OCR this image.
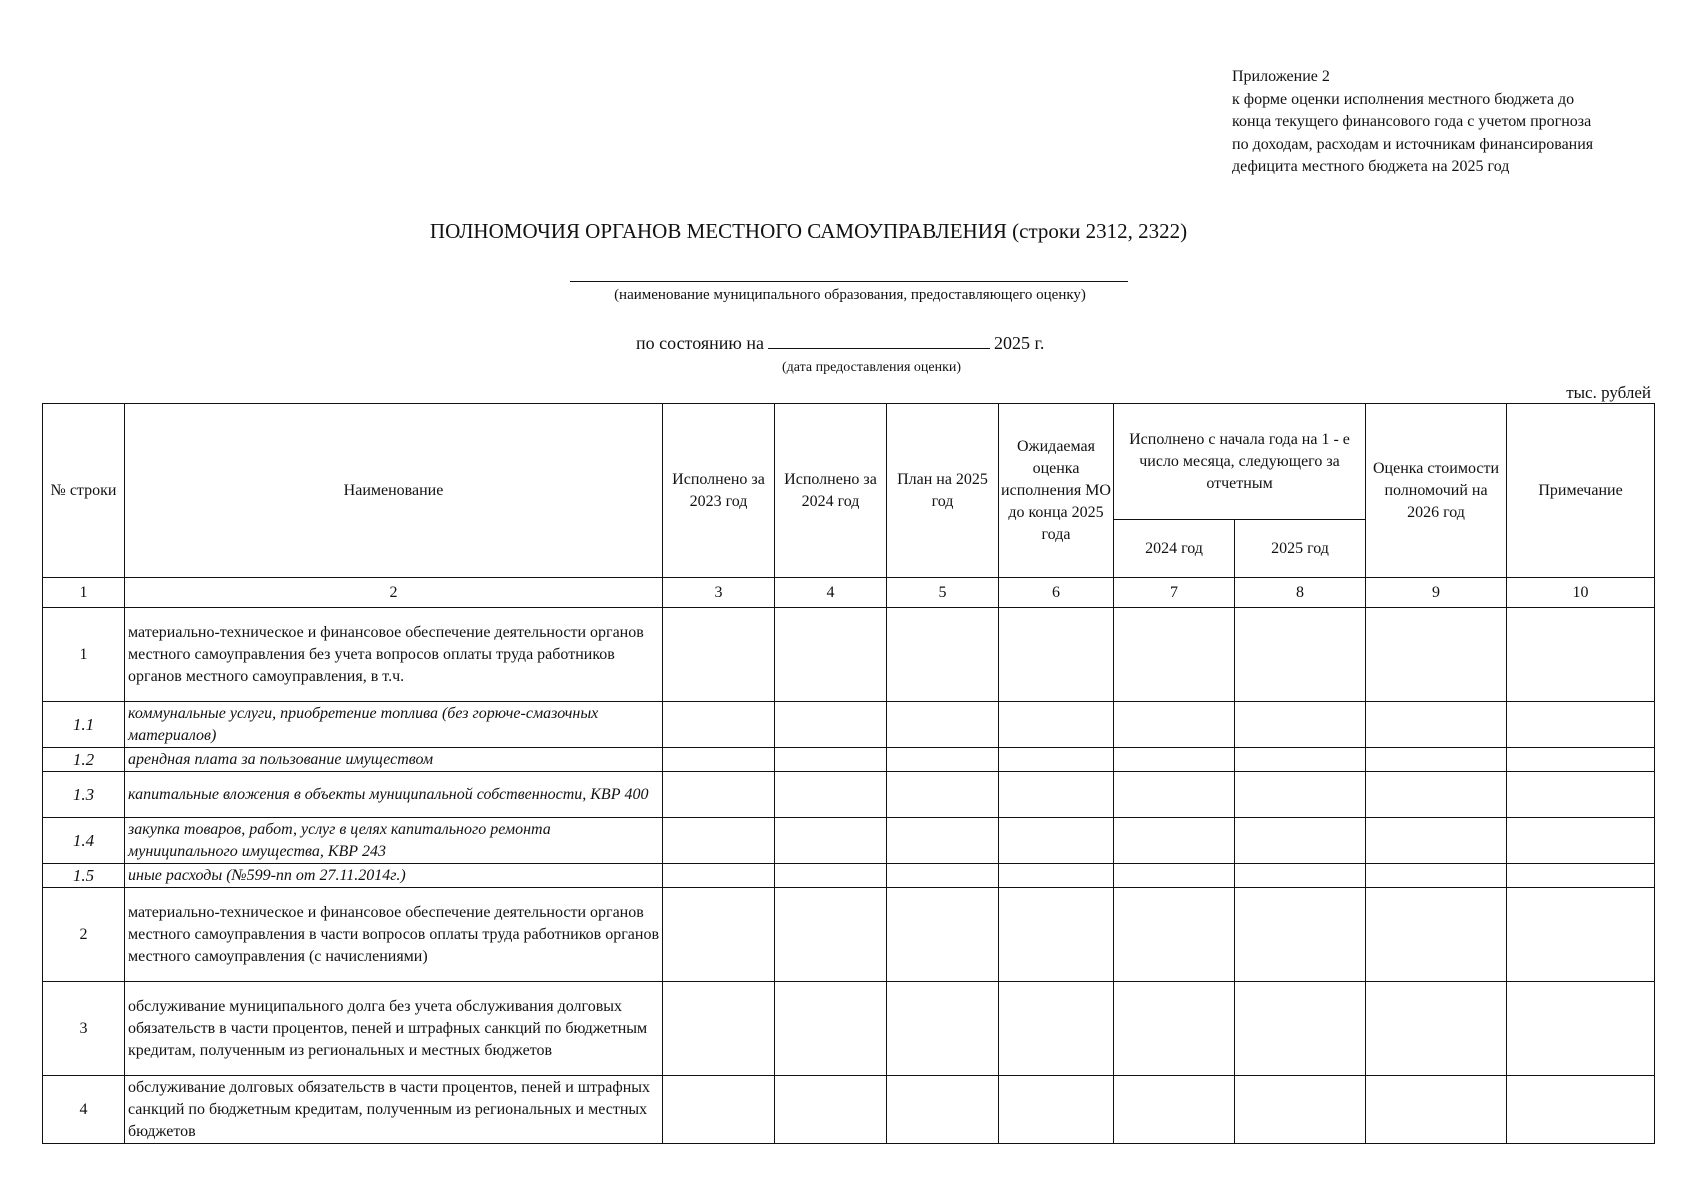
Приложение 2
к форме оценки исполнения местного бюджета до
конца текущего финансового года с учетом прогноза
по доходам, расходам и источникам финансирования
дефицита местного бюджета на 2025 год
ПОЛНОМОЧИЯ ОРГАНОВ МЕСТНОГО САМОУПРАВЛЕНИЯ (строки 2312, 2322)
(наименование муниципального образования, предоставляющего оценку)
по состоянию на	2025 г.
(дата предоставления оценки)
тыс. рублей
№ строки	Наименование	Исполнено за 2023 год	Исполнено за 2024 год	План на 2025 год	Ожидаемая оценка исполнения МО до конца 2025 года	Исполнено с начала года на 1 - е число месяца, следующего за отчетным		Оценка стоимости полномочий на 2026 год	Примечание
						2024 год	2025 год		
1	2	3	4	5	6	7	8	9	10
1	материально-техническое и финансовое обеспечение деятельности органов местного самоуправления без учета вопросов оплаты труда работников органов местного самоуправления, в т.ч.								
1.1	коммунальные услуги, приобретение топлива (без горюче-смазочных материалов)								
1.2	арендная плата за пользование имуществом								
1.3	капитальные вложения в объекты муниципальной собственности, КВР 400								
1.4	закупка товаров, работ, услуг в целях капитального ремонта муниципального имущества, КВР 243								
1.5	иные расходы (№599-пп от 27.11.2014г.)								
2	материально-техническое и финансовое обеспечение деятельности органов местного самоуправления в части вопросов оплаты труда работников органов местного самоуправления (с начислениями)								
3	обслуживание муниципального долга без учета обслуживания долговых обязательств в части процентов, пеней и штрафных санкций по бюджетным кредитам, полученным из региональных и местных бюджетов								
4	обслуживание долговых обязательств в части процентов, пеней и штрафных санкций по бюджетным кредитам, полученным из региональных и местных бюджетов								
